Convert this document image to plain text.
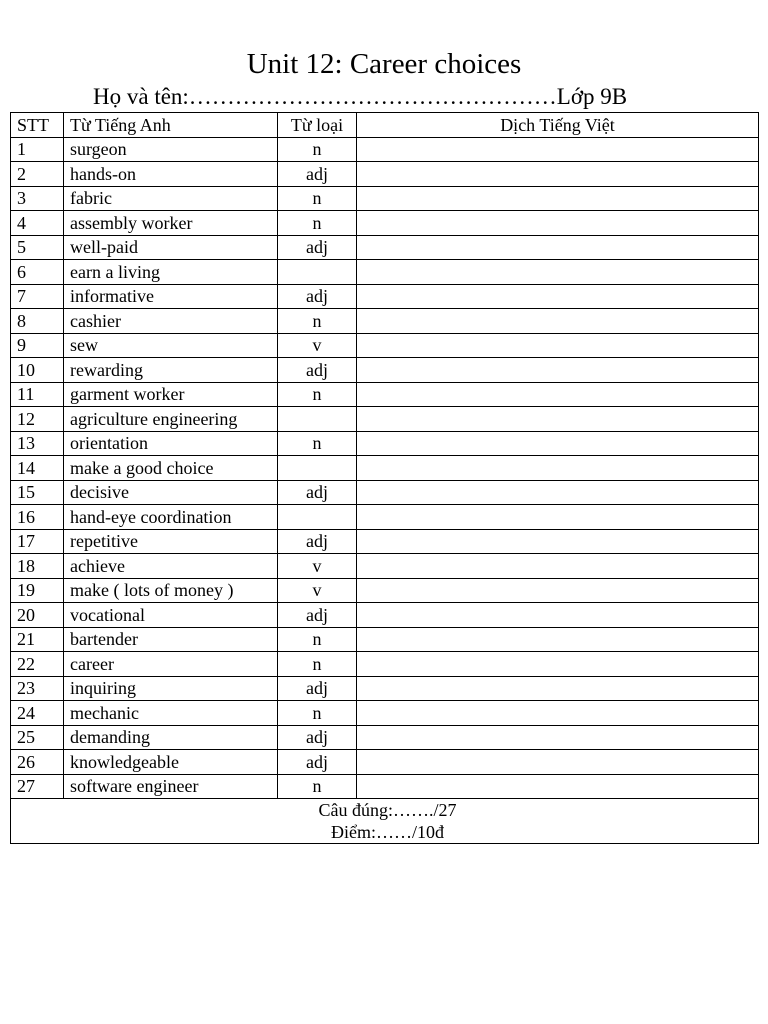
Unit 12: Career choices
Họ và tên:…………………………………………Lớp 9B
STT	Từ Tiếng Anh	Từ loại	Dịch Tiếng Việt
1	surgeon	n	
2	hands-on	adj	
3	fabric	n	
4	assembly worker	n	
5	well-paid	adj	
6	earn a living		
7	informative	adj	
8	cashier	n	
9	sew	v	
10	rewarding	adj	
11	garment worker	n	
12	agriculture engineering		
13	orientation	n	
14	make a good choice		
15	decisive	adj	
16	hand-eye coordination		
17	repetitive	adj	
18	achieve	v	
19	make ( lots of money )	v	
20	vocational	adj	
21	bartender	n	
22	career	n	
23	inquiring	adj	
24	mechanic	n	
25	demanding	adj	
26	knowledgeable	adj	
27	software engineer	n	

Câu đúng:……./27
Điểm:……/10đ			
